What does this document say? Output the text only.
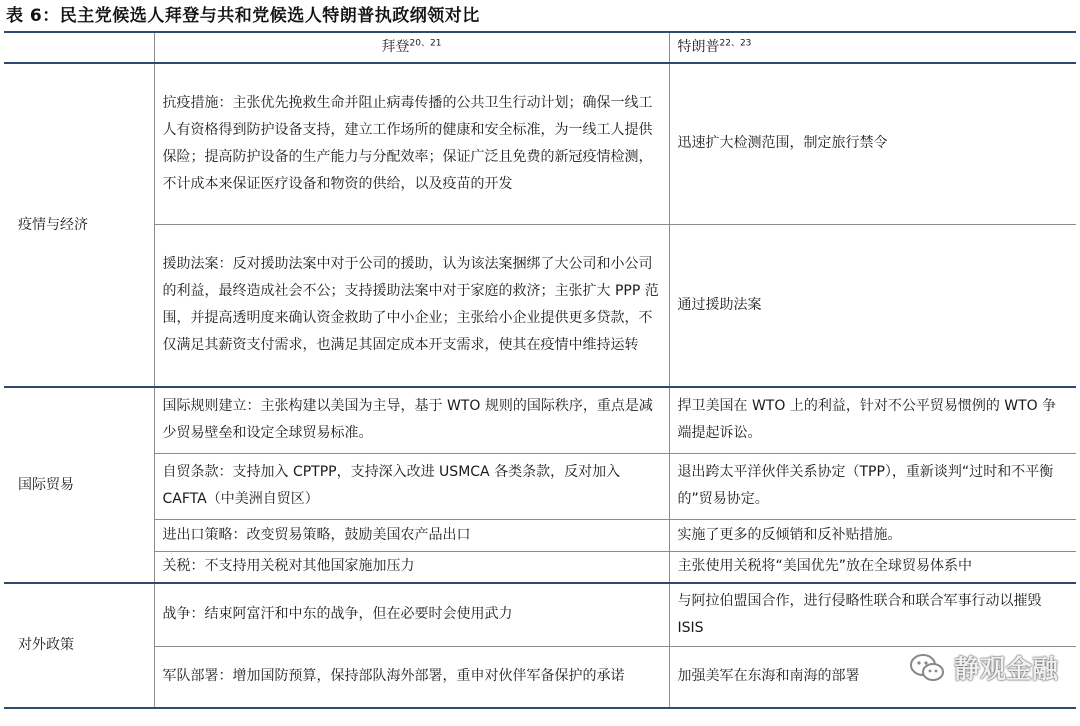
表 6：民主党候选人拜登与共和党候选人特朗普执政纲领对比
	拜登$^{20、21}$	特朗普$^{22、23}$
疫情与经济	抗疫措施：主张优先挽救生命并阻止病毒传播的公共卫生行动计划；确保一线工人有资格得到防护设备支持，建立工作场所的健康和安全标准，为一线工人提供保险；提高防护设备的生产能力与分配效率；保证广泛且免费的新冠疫情检测，不计成本来保证医疗设备和物资的供给，以及疫苗的开发	迅速扩大检测范围，制定旅行禁令
	援助法案：反对援助法案中对于公司的援助，认为该法案捆绑了大公司和小公司的利益，最终造成社会不公；支持援助法案中对于家庭的救济；主张扩大 PPP 范围，并提高透明度来确认资金救助了中小企业；主张给小企业提供更多贷款，不仅满足其薪资支付需求，也满足其固定成本开支需求，使其在疫情中维持运转	通过援助法案
国际贸易	国际规则建立：主张构建以美国为主导，基于 WTO 规则的国际秩序，重点是减少贸易壁垒和设定全球贸易标准。	捍卫美国在 WTO 上的利益，针对不公平贸易惯例的 WTO 争端提起诉讼。
	自贸条款：支持加入 CPTPP，支持深入改进 USMCA 各类条款，反对加入 CAFTA（中美洲自贸区）	退出跨太平洋伙伴关系协定（TPP），重新谈判“过时和不平衡的”贸易协定。
	进出口策略：改变贸易策略，鼓励美国农产品出口	实施了更多的反倾销和反补贴措施。
	关税：不支持用关税对其他国家施加压力	主张使用关税将“美国优先”放在全球贸易体系中
对外政策	战争：结束阿富汗和中东的战争，但在必要时会使用武力	与阿拉伯盟国合作，进行侵略性联合和联合军事行动以摧毁 ISIS
	军队部署：增加国防预算，保持部队海外部署，重申对伙伴军备保护的承诺	加强美军在东海和南海的部署	静观金融
